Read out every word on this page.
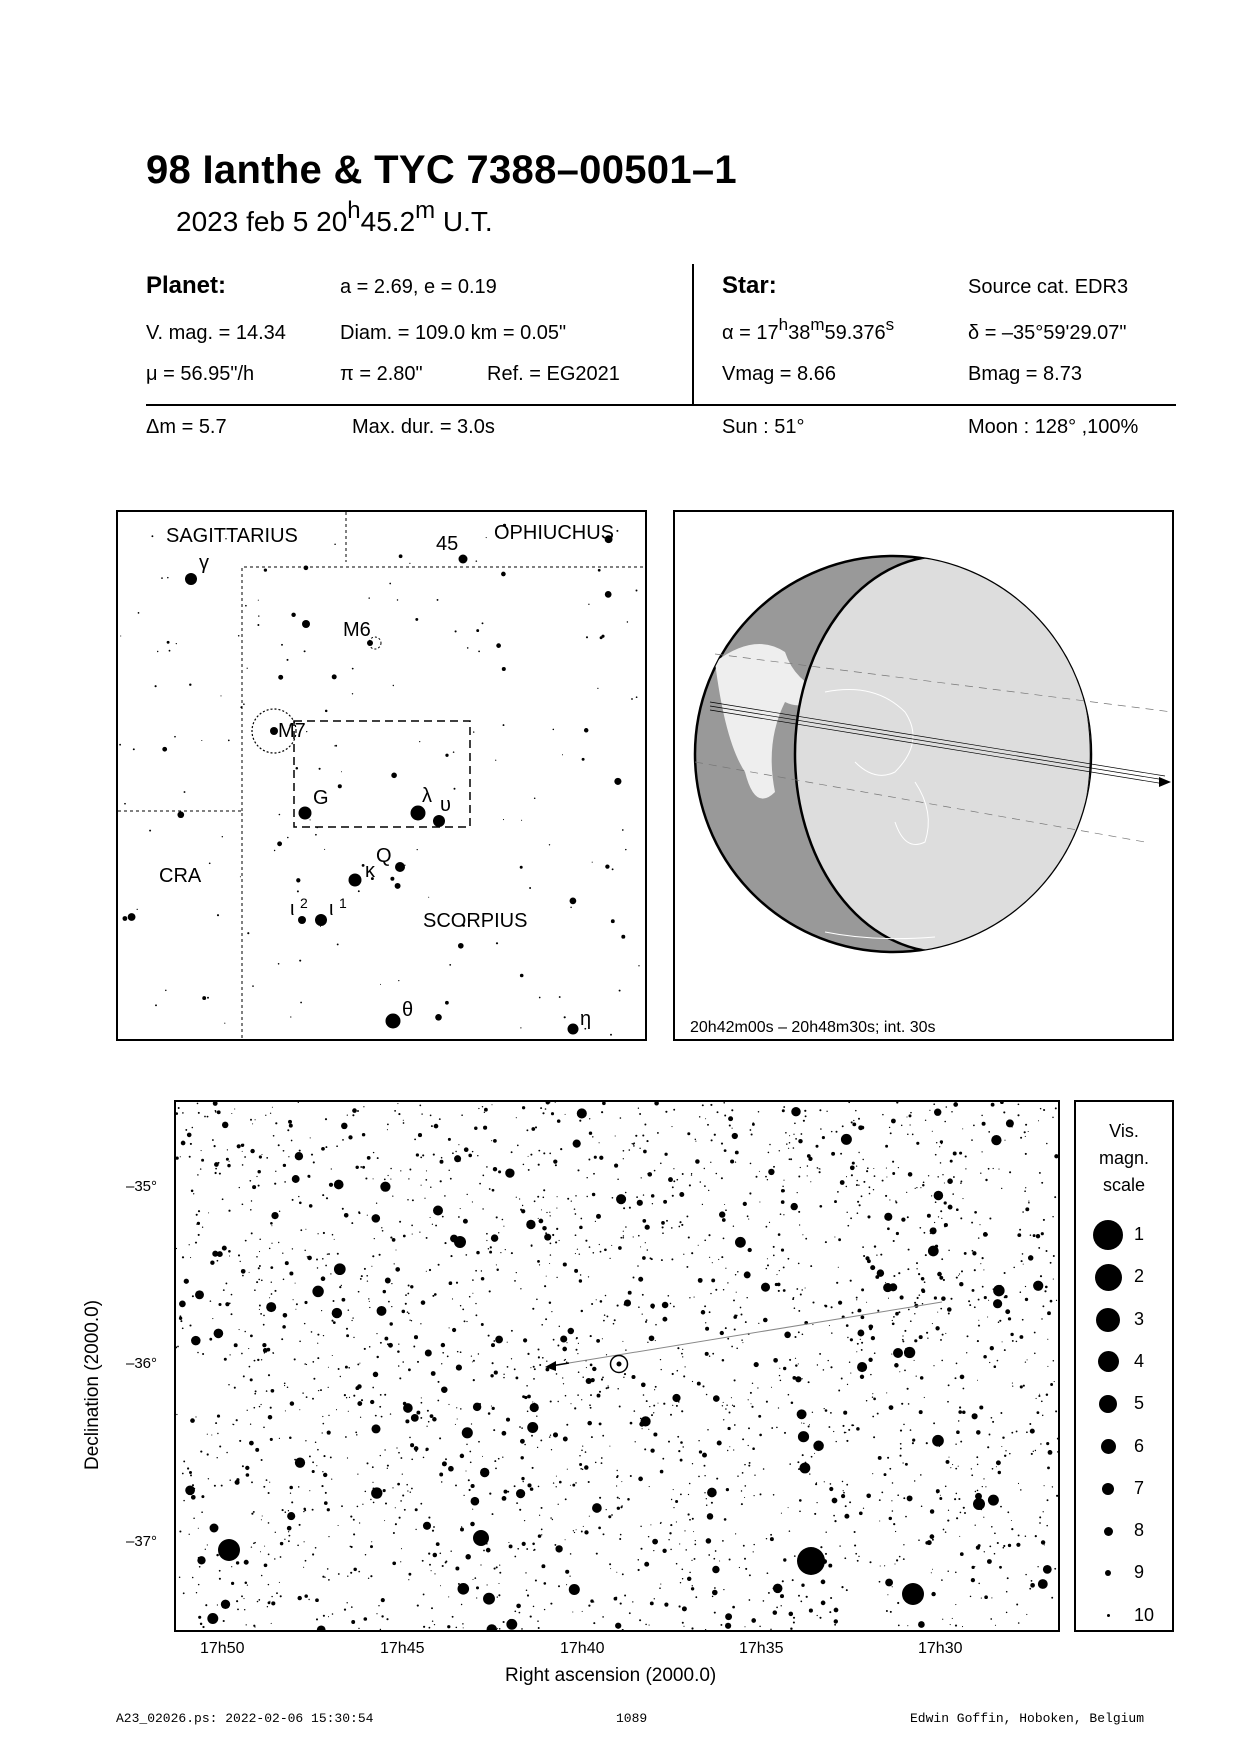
98 Ianthe & TYC 7388–00501–1
2023 feb 5 20$^h$45.2$^m$ U.T.
Planet:	a = 2.69, e = 0.19
V. mag. = 14.34	Diam. = 109.0 km = 0.05"
μ = 56.95"/h	π = 2.80"	Ref. = EG2021
Star:	Source cat. EDR3
$\alpha = 17^h38^m59.376^s$	δ = –35°59'29.07"
Vmag = 8.66	Bmag = 8.73
Δm = 5.7	Max. dur. = 3.0s	Sun : 51°	Moon : 128° ,100%
SAGITTARIUS	OPHIUCHUS
CRA
SCORPIUS
45
γ
M6
M7
G	λ υ
Q
κ
ι 2 ι 1
θ	η	20h42m00s – 20h48m30s; int. 30s
Declination (2000.0)
–35°
–36°
–37°
17h50	17h45	17h40	17h35	17h30
Right ascension (2000.0)
Vis.
magn.
scale
1
2
3
4
5
6
7
8
9
10
A23_02026.ps: 2022-02-06 15:30:54	1089	Edwin Goffin, Hoboken, Belgium
